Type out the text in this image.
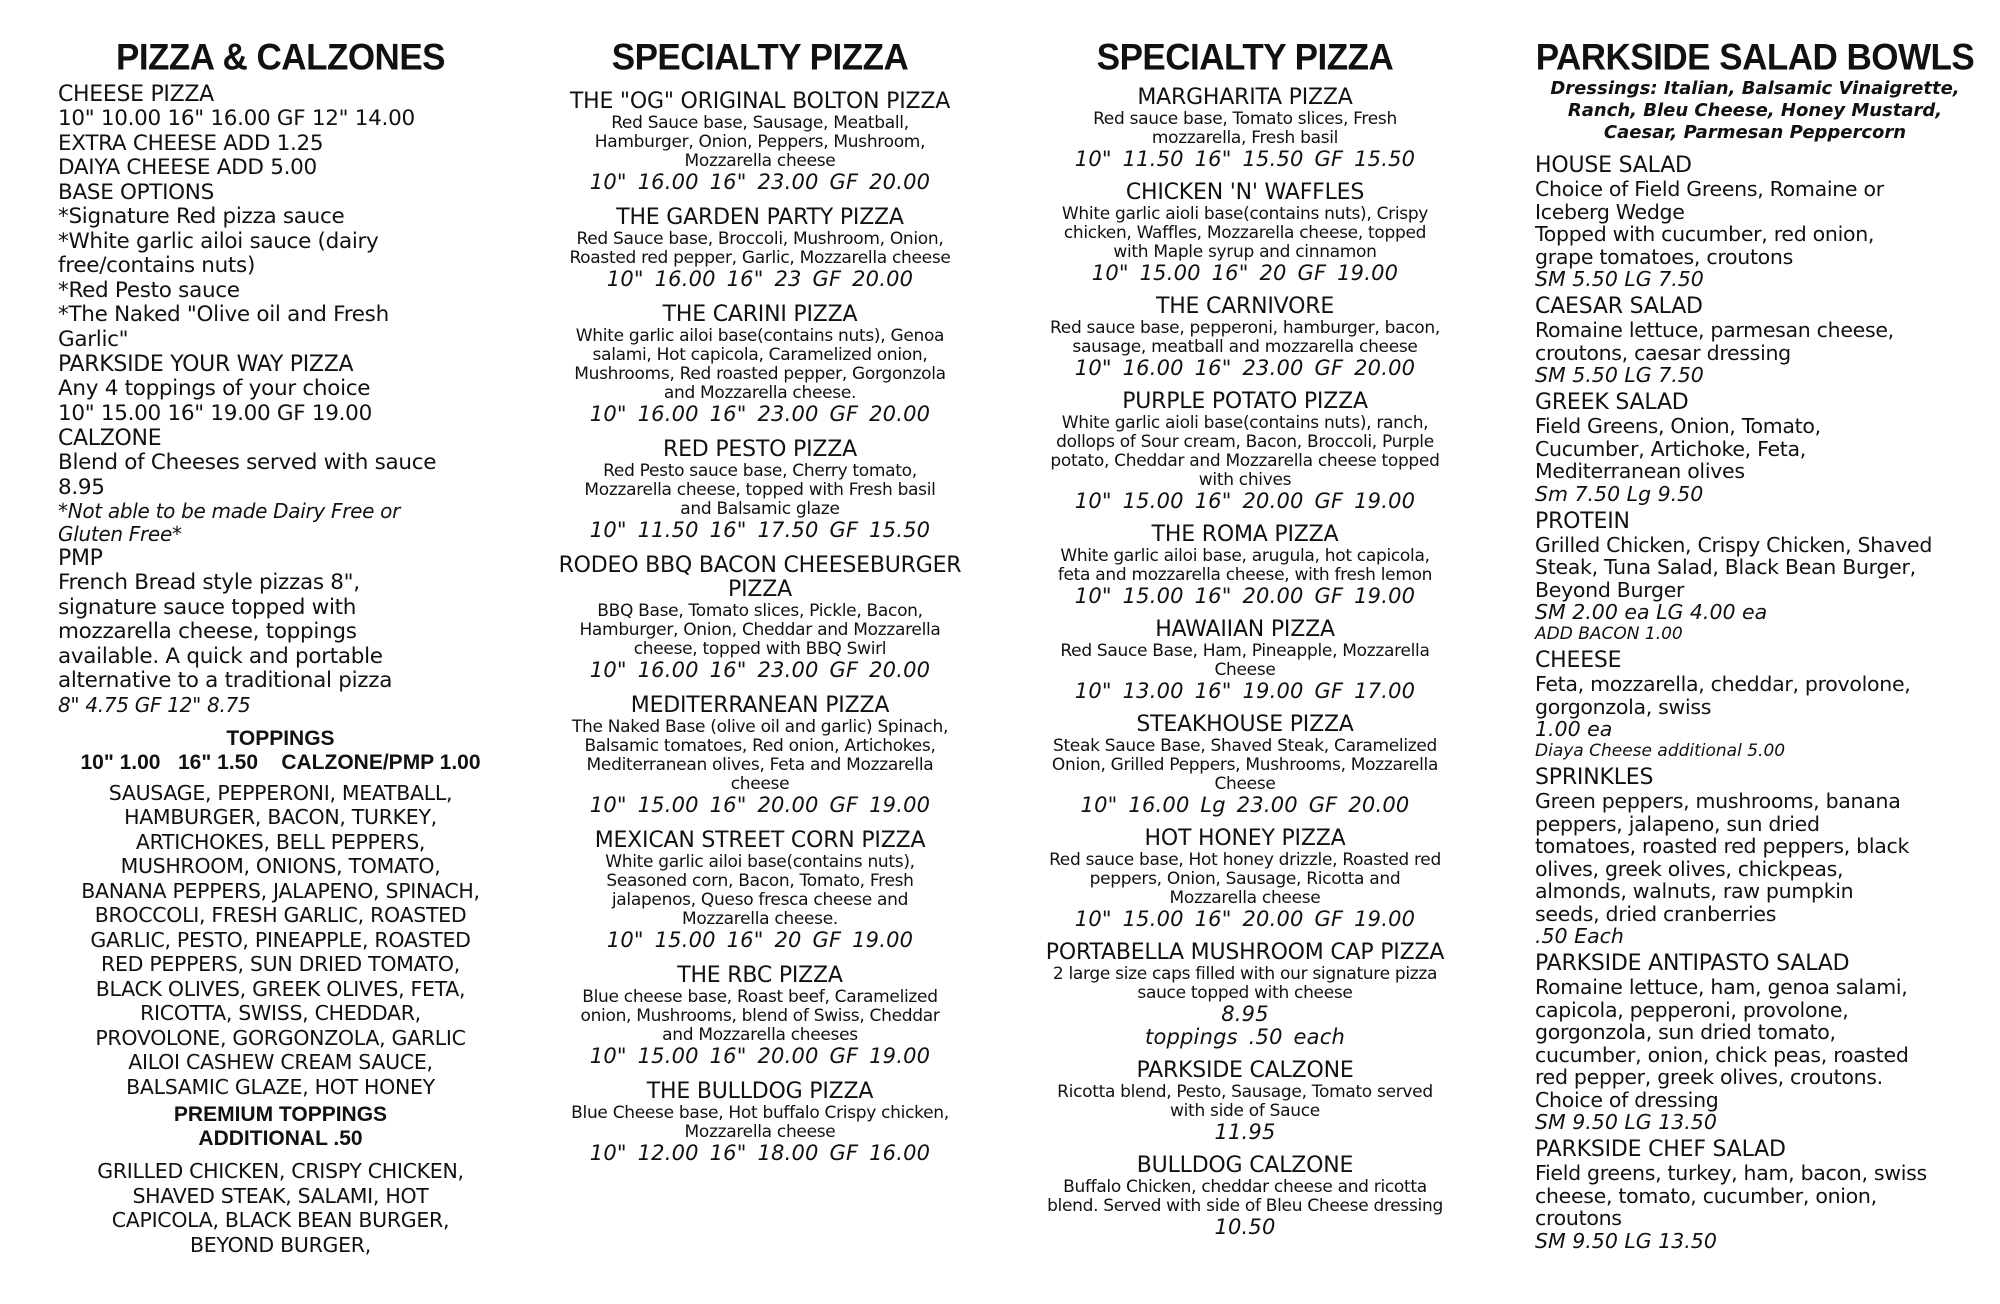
PIZZA & CALZONES
CHEESE PIZZA
10" 10.00 16" 16.00 GF 12" 14.00
EXTRA CHEESE ADD 1.25
DAIYA CHEESE ADD 5.00
BASE OPTIONS
*Signature Red pizza sauce
*White garlic ailoi sauce (dairy
free/contains nuts)
*Red Pesto sauce
*The Naked "Olive oil and Fresh
Garlic"
PARKSIDE YOUR WAY PIZZA
Any 4 toppings of your choice
10" 15.00 16" 19.00 GF 19.00
CALZONE
Blend of Cheeses served with sauce
8.95
*Not able to be made Dairy Free or
Gluten Free*
PMP
French Bread style pizzas 8",
signature sauce topped with
mozzarella cheese, toppings
available. A quick and portable
alternative to a traditional pizza
8" 4.75 GF 12" 8.75
TOPPINGS
10" 1.00   16" 1.50    CALZONE/PMP 1.00
SAUSAGE, PEPPERONI, MEATBALL,
HAMBURGER, BACON, TURKEY,
ARTICHOKES, BELL PEPPERS,
MUSHROOM, ONIONS, TOMATO,
BANANA PEPPERS, JALAPENO, SPINACH,
BROCCOLI, FRESH GARLIC, ROASTED
GARLIC, PESTO, PINEAPPLE, ROASTED
RED PEPPERS, SUN DRIED TOMATO,
BLACK OLIVES, GREEK OLIVES, FETA,
RICOTTA, SWISS, CHEDDAR,
PROVOLONE, GORGONZOLA, GARLIC
AILOI CASHEW CREAM SAUCE,
BALSAMIC GLAZE, HOT HONEY
PREMIUM TOPPINGS
ADDITIONAL .50
GRILLED CHICKEN, CRISPY CHICKEN,
SHAVED STEAK, SALAMI, HOT
CAPICOLA, BLACK BEAN BURGER,
BEYOND BURGER,
SPECIALTY PIZZA
THE "OG" ORIGINAL BOLTON PIZZA
Red Sauce base, Sausage, Meatball,
Hamburger, Onion, Peppers, Mushroom,
Mozzarella cheese
10" 16.00 16" 23.00 GF 20.00
THE GARDEN PARTY PIZZA
Red Sauce base, Broccoli, Mushroom, Onion,
Roasted red pepper, Garlic, Mozzarella cheese
10" 16.00 16" 23 GF 20.00
THE CARINI PIZZA
White garlic ailoi base(contains nuts), Genoa
salami, Hot capicola, Caramelized onion,
Mushrooms, Red roasted pepper, Gorgonzola
and Mozzarella cheese.
10" 16.00 16" 23.00 GF 20.00
RED PESTO PIZZA
Red Pesto sauce base, Cherry tomato,
Mozzarella cheese, topped with Fresh basil
and Balsamic glaze
10" 11.50 16" 17.50 GF 15.50
RODEO BBQ BACON CHEESEBURGER
PIZZA
BBQ Base, Tomato slices, Pickle, Bacon,
Hamburger, Onion, Cheddar and Mozzarella
cheese, topped with BBQ Swirl
10" 16.00 16" 23.00 GF 20.00
MEDITERRANEAN PIZZA
The Naked Base (olive oil and garlic) Spinach,
Balsamic tomatoes, Red onion, Artichokes,
Mediterranean olives, Feta and Mozzarella
cheese
10" 15.00 16" 20.00 GF 19.00
MEXICAN STREET CORN PIZZA
White garlic ailoi base(contains nuts),
Seasoned corn, Bacon, Tomato, Fresh
jalapenos, Queso fresca cheese and
Mozzarella cheese.
10" 15.00 16" 20 GF 19.00
THE RBC PIZZA
Blue cheese base, Roast beef, Caramelized
onion, Mushrooms, blend of Swiss, Cheddar
and Mozzarella cheeses
10" 15.00 16" 20.00 GF 19.00
THE BULLDOG PIZZA
Blue Cheese base, Hot buffalo Crispy chicken,
Mozzarella cheese
10" 12.00 16" 18.00 GF 16.00
SPECIALTY PIZZA
MARGHARITA PIZZA
Red sauce base, Tomato slices, Fresh
mozzarella, Fresh basil
10" 11.50 16" 15.50 GF 15.50
CHICKEN 'N' WAFFLES
White garlic aioli base(contains nuts), Crispy
chicken, Waffles, Mozzarella cheese, topped
with Maple syrup and cinnamon
10" 15.00 16" 20 GF 19.00
THE CARNIVORE
Red sauce base, pepperoni, hamburger, bacon,
sausage, meatball and mozzarella cheese
10" 16.00 16" 23.00 GF 20.00
PURPLE POTATO PIZZA
White garlic aioli base(contains nuts), ranch,
dollops of Sour cream, Bacon, Broccoli, Purple
potato, Cheddar and Mozzarella cheese topped
with chives
10" 15.00 16" 20.00 GF 19.00
THE ROMA PIZZA
White garlic ailoi base, arugula, hot capicola,
feta and mozzarella cheese, with fresh lemon
10" 15.00 16" 20.00 GF 19.00
HAWAIIAN PIZZA
Red Sauce Base, Ham, Pineapple, Mozzarella
Cheese
10" 13.00 16" 19.00 GF 17.00
STEAKHOUSE PIZZA
Steak Sauce Base, Shaved Steak, Caramelized
Onion, Grilled Peppers, Mushrooms, Mozzarella
Cheese
10" 16.00 Lg 23.00 GF 20.00
HOT HONEY PIZZA
Red sauce base, Hot honey drizzle, Roasted red
peppers, Onion, Sausage, Ricotta and
Mozzarella cheese
10" 15.00 16" 20.00 GF 19.00
PORTABELLA MUSHROOM CAP PIZZA
2 large size caps filled with our signature pizza
sauce topped with cheese
8.95
toppings .50 each
PARKSIDE CALZONE
Ricotta blend, Pesto, Sausage, Tomato served
with side of Sauce
11.95
BULLDOG CALZONE
Buffalo Chicken, cheddar cheese and ricotta
blend. Served with side of Bleu Cheese dressing
10.50
PARKSIDE SALAD BOWLS
Dressings: Italian, Balsamic Vinaigrette,
Ranch, Bleu Cheese, Honey Mustard,
Caesar, Parmesan Peppercorn
HOUSE SALAD
Choice of Field Greens, Romaine or
Iceberg Wedge
Topped with cucumber, red onion,
grape tomatoes, croutons
SM 5.50 LG 7.50
CAESAR SALAD
Romaine lettuce, parmesan cheese,
croutons, caesar dressing
SM 5.50 LG 7.50
GREEK SALAD
Field Greens, Onion, Tomato,
Cucumber, Artichoke, Feta,
Mediterranean olives
Sm 7.50 Lg 9.50
PROTEIN
Grilled Chicken, Crispy Chicken, Shaved
Steak, Tuna Salad, Black Bean Burger,
Beyond Burger
SM 2.00 ea LG 4.00 ea
ADD BACON 1.00
CHEESE
Feta, mozzarella, cheddar, provolone,
gorgonzola, swiss
1.00 ea
Diaya Cheese additional 5.00
SPRINKLES
Green peppers, mushrooms, banana
peppers, jalapeno, sun dried
tomatoes, roasted red peppers, black
olives, greek olives, chickpeas,
almonds, walnuts, raw pumpkin
seeds, dried cranberries
.50 Each
PARKSIDE ANTIPASTO SALAD
Romaine lettuce, ham, genoa salami,
capicola, pepperoni, provolone,
gorgonzola, sun dried tomato,
cucumber, onion, chick peas, roasted
red pepper, greek olives, croutons.
Choice of dressing
SM 9.50 LG 13.50
PARKSIDE CHEF SALAD
Field greens, turkey, ham, bacon, swiss
cheese, tomato, cucumber, onion,
croutons
SM 9.50 LG 13.50
